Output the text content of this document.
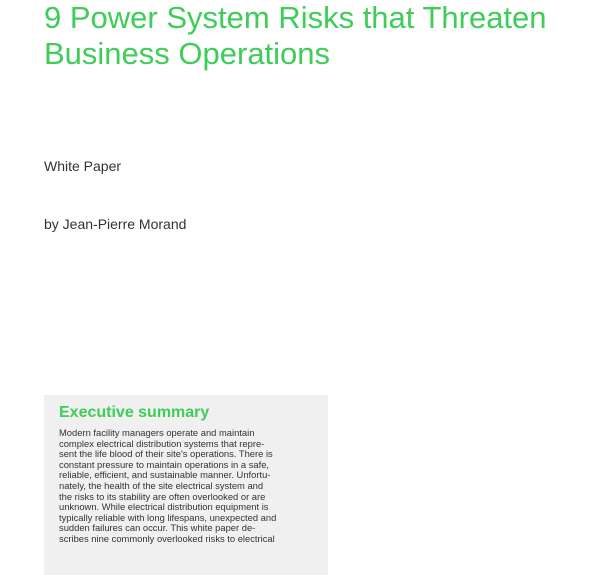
9 Power System Risks that Threaten
Business Operations
White Paper
by Jean-Pierre Morand
Executive summary
Modern facility managers operate and maintain
complex electrical distribution systems that repre-
sent the life blood of their site's operations. There is
constant pressure to maintain operations in a safe,
reliable, efficient, and sustainable manner. Unfortu-
nately, the health of the site electrical system and
the risks to its stability are often overlooked or are
unknown. While electrical distribution equipment is
typically reliable with long lifespans, unexpected and
sudden failures can occur. This white paper de-
scribes nine commonly overlooked risks to electrical
